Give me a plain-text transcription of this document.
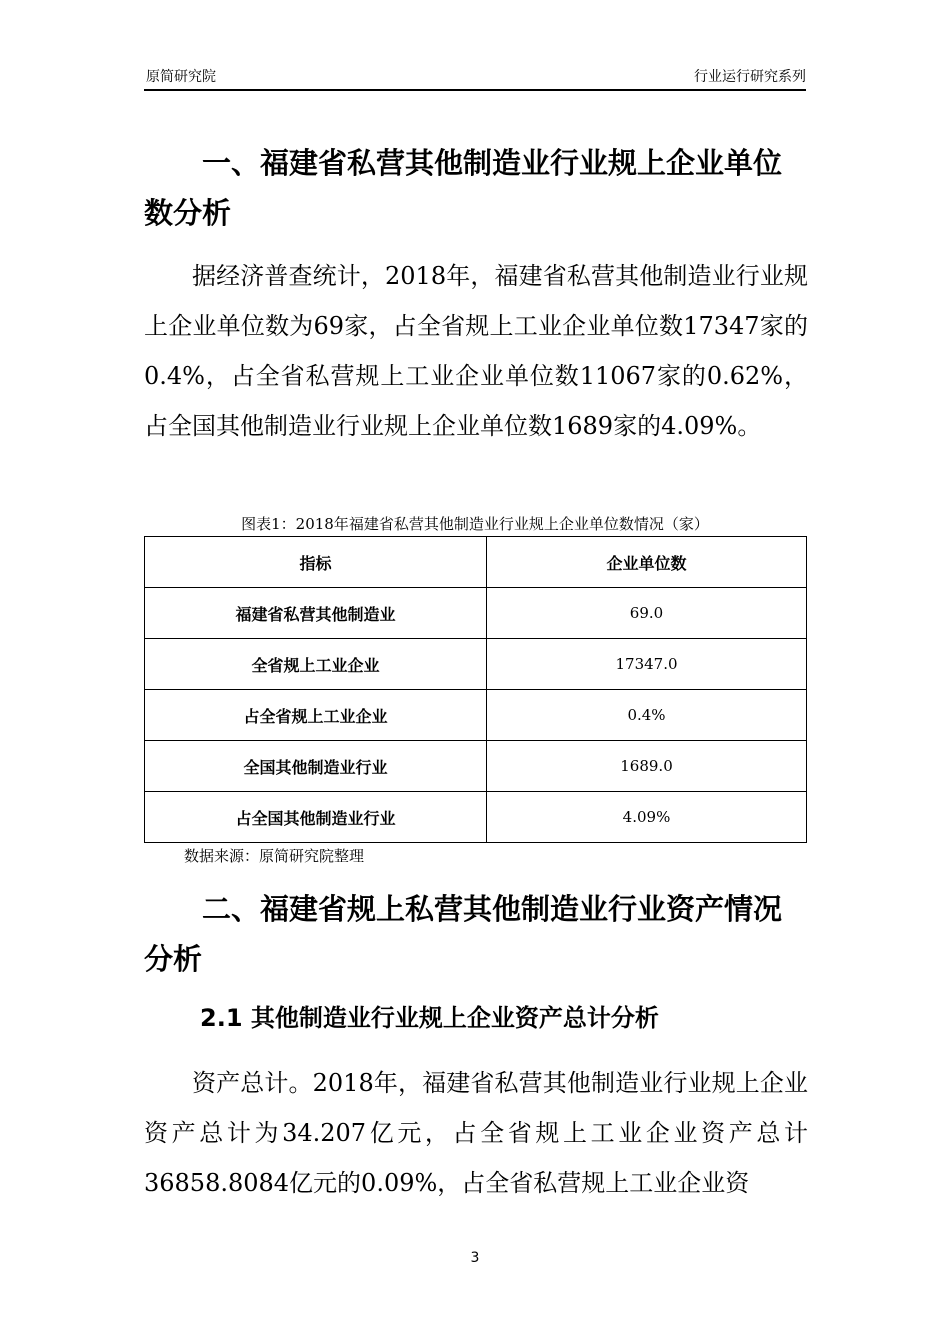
原简研究院	行业运行研究系列
一、福建省私营其他制造业行业规上企业单位数分析

据经济普查统计，2018年，福建省私营其他制造业行业规上企业单位数为69家，占全省规上工业企业单位数17347家的0.4%，占全省私营规上工业企业单位数11067家的0.62%，占全国其他制造业行业规上企业单位数1689家的4.09%。

图表1：2018年福建省私营其他制造业行业规上企业单位数情况（家）
指标	企业单位数
福建省私营其他制造业	69.0
全省规上工业企业	17347.0
占全省规上工业企业	0.4%
全国其他制造业行业	1689.0
占全国其他制造业行业	4.09%
数据来源：原简研究院整理
二、福建省规上私营其他制造业行业资产情况分析
2.1 其他制造业行业规上企业资产总计分析

资产总计。2018年，福建省私营其他制造业行业规上企业资产总计为34.207亿元，占全省规上工业企业资产总计36858.8084亿元的0.09%，占全省私营规上工业企业资

3
